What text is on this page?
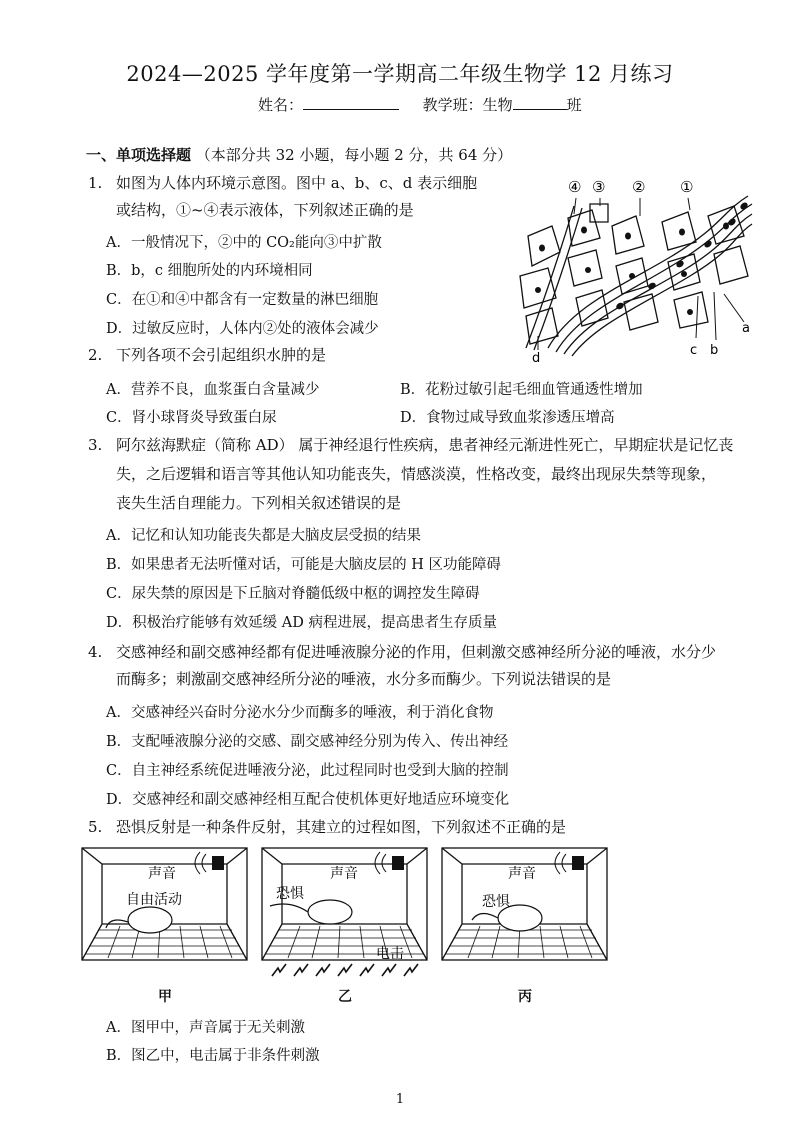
2024—2025 学年度第一学期高二年级生物学 12 月练习
姓名：	教学班：生物	班
一、单项选择题 （本部分共 32 小题，每小题 2 分，共 64 分）
1. 如图为人体内环境示意图。图中 a、b、c、d 表示细胞
或结构，①~④表示液体，下列叙述正确的是
A．一般情况下，②中的 CO₂能向③中扩散
B．b，c 细胞所处的内环境相同
C．在①和④中都含有一定数量的淋巴细胞
D．过敏反应时，人体内②处的液体会减少
④ ③ ② ①
d
c b
a
2. 下列各项不会引起组织水肿的是
A．营养不良，血浆蛋白含量减少	B．花粉过敏引起毛细血管通透性增加
C．肾小球肾炎导致蛋白尿	D．食物过咸导致血浆渗透压增高
3. 阿尔兹海默症（简称 AD） 属于神经退行性疾病，患者神经元渐进性死亡，早期症状是记忆丧
失，之后逻辑和语言等其他认知功能丧失，情感淡漠，性格改变，最终出现尿失禁等现象，
丧失生活自理能力。下列相关叙述错误的是
A．记忆和认知功能丧失都是大脑皮层受损的结果
B．如果患者无法听懂对话，可能是大脑皮层的 H 区功能障碍
C．尿失禁的原因是下丘脑对脊髓低级中枢的调控发生障碍
D．积极治疗能够有效延缓 AD 病程进展，提高患者生存质量
4. 交感神经和副交感神经都有促进唾液腺分泌的作用，但刺激交感神经所分泌的唾液，水分少
而酶多；刺激副交感神经所分泌的唾液，水分多而酶少。下列说法错误的是
A．交感神经兴奋时分泌水分少而酶多的唾液，利于消化食物
B．支配唾液腺分泌的交感、副交感神经分别为传入、传出神经
C．自主神经系统促进唾液分泌，此过程同时也受到大脑的控制
D．交感神经和副交感神经相互配合使机体更好地适应环境变化
5. 恐惧反射是一种条件反射，其建立的过程如图，下列叙述不正确的是
声音
自由活动
声音
恐惧
电击
声音
恐惧
甲	乙	丙
A．图甲中，声音属于无关刺激
B．图乙中，电击属于非条件刺激
1
